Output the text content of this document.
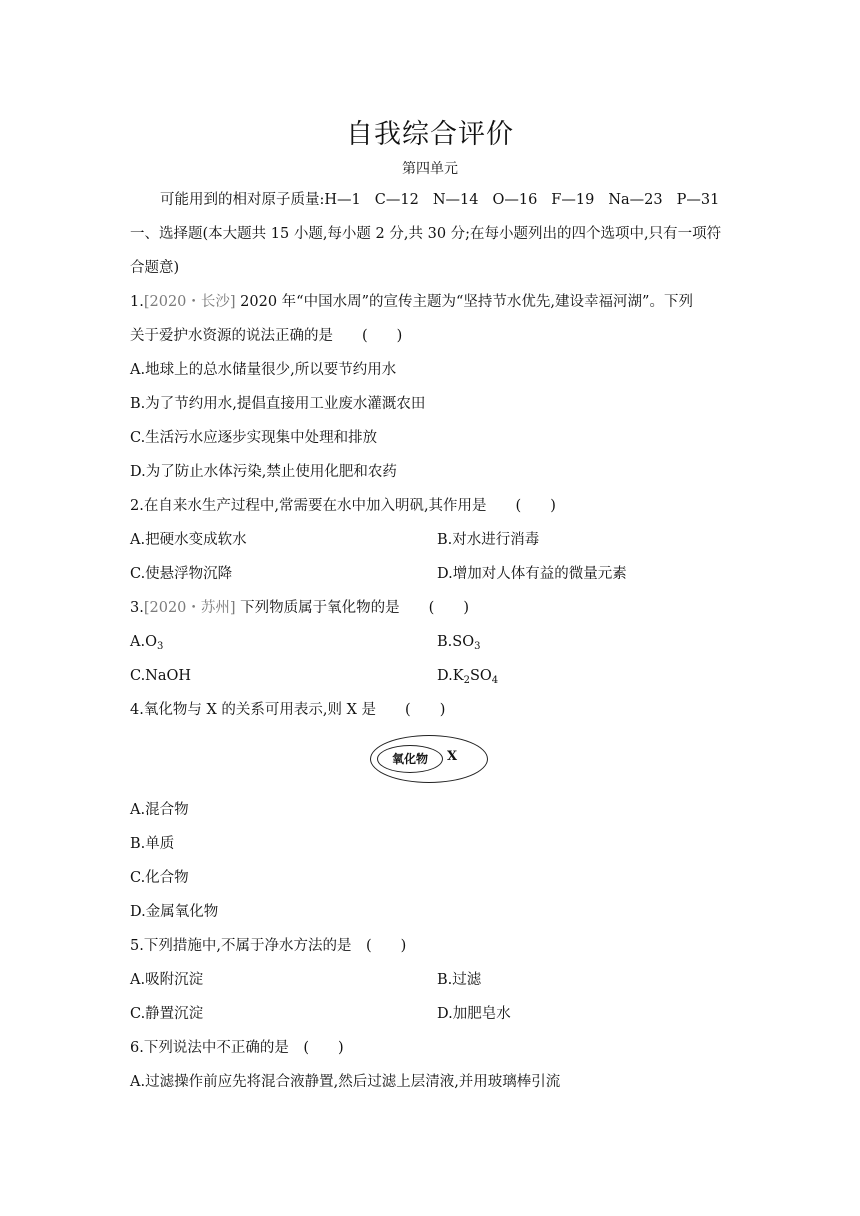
自我综合评价
第四单元
可能用到的相对原子质量:H—1 C—12 N—14 O—16 F—19 Na—23 P—31
一、选择题(本大题共 15 小题,每小题 2 分,共 30 分;在每小题列出的四个选项中,只有一项符
合题意)
1.[2020・长沙] 2020 年“中国水周”的宣传主题为“坚持节水优先,建设幸福河湖”。下列
关于爱护水资源的说法正确的是　　(　　)
A.地球上的总水储量很少,所以要节约用水
B.为了节约用水,提倡直接用工业废水灌溉农田
C.生活污水应逐步实现集中处理和排放
D.为了防止水体污染,禁止使用化肥和农药
2.在自来水生产过程中,常需要在水中加入明矾,其作用是　　(　　)
A.把硬水变成软水	B.对水进行消毒
C.使悬浮物沉降	D.增加对人体有益的微量元素
3.[2020・苏州] 下列物质属于氧化物的是　　(　　)
$A.O_3$	$B.SO_3$
C.NaOH	$D.K_2SO_4$
4.氧化物与 X 的关系可用表示,则 X 是　　(　　)
氧化物	X
A.混合物
B.单质
C.化合物
D.金属氧化物
5.下列措施中,不属于净水方法的是　(　　)
A.吸附沉淀	B.过滤
C.静置沉淀	D.加肥皂水
6.下列说法中不正确的是　(　　)
A.过滤操作前应先将混合液静置,然后过滤上层清液,并用玻璃棒引流
